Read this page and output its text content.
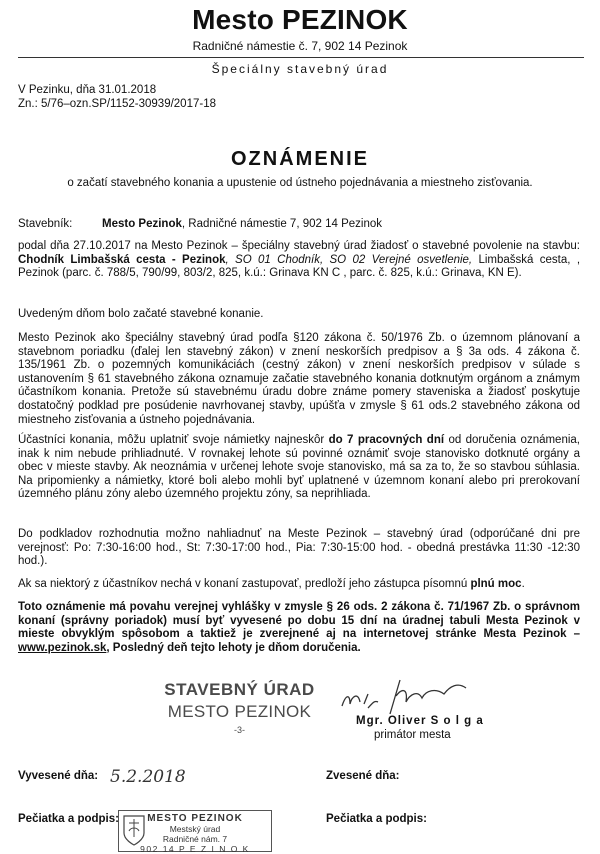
Mesto PEZINOK
Radničné námestie č. 7, 902 14 Pezinok
Špeciálny stavebný úrad
V Pezinku, dňa 31.01.2018
Zn.: 5/76–ozn.SP/1152-30939/2017-18
OZNÁMENIE
o začatí stavebného konania a upustenie od ústneho pojednávania a miestneho zisťovania.
Stavebník:	Mesto Pezinok, Radničné námestie 7, 902 14 Pezinok
podal dňa 27.10.2017 na Mesto Pezinok – špeciálny stavebný úrad žiadosť o stavebné povolenie na stavbu: Chodník Limbašská cesta - Pezinok, SO 01 Chodník, SO 02 Verejné osvetlenie, Limbašská cesta, , Pezinok (parc. č. 788/5, 790/99, 803/2, 825, k.ú.: Grinava KN C , parc. č. 825, k.ú.: Grinava, KN E).
Uvedeným dňom bolo začaté stavebné konanie.
Mesto Pezinok ako špeciálny stavebný úrad podľa §120 zákona č. 50/1976 Zb. o územnom plánovaní a stavebnom poriadku (ďalej len stavebný zákon) v znení neskorších predpisov a § 3a ods. 4 zákona č. 135/1961 Zb. o pozemných komunikáciách (cestný zákon) v znení neskorších predpisov v súlade s ustanovením § 61 stavebného zákona oznamuje začatie stavebného konania dotknutým orgánom a známym účastníkom konania. Pretože sú stavebnému úradu dobre známe pomery staveniska a žiadosť poskytuje dostatočný podklad pre posúdenie navrhovanej stavby, upúšťa v zmysle § 61 ods.2 stavebného zákona od miestneho zisťovania a ústneho pojednávania.
Účastníci konania, môžu uplatniť svoje námietky najneskôr do 7 pracovných dní od doručenia oznámenia, inak k nim nebude prihliadnuté. V rovnakej lehote sú povinné oznámiť svoje stanovisko dotknuté orgány a obec v mieste stavby. Ak neoznámia v určenej lehote svoje stanovisko, má sa za to, že so stavbou súhlasia. Na pripomienky a námietky, ktoré boli alebo mohli byť uplatnené v územnom konaní alebo pri prerokovaní územného plánu zóny alebo územného projektu zóny, sa neprihliada.
Do podkladov rozhodnutia možno nahliadnuť na Meste Pezinok – stavebný úrad (odporúčané dni pre verejnosť: Po: 7:30-16:00 hod., St: 7:30-17:00 hod., Pia: 7:30-15:00 hod. - obedná prestávka 11:30 -12:30 hod.).
Ak sa niektorý z účastníkov nechá v konaní zastupovať, predloží jeho zástupca písomnú plnú moc.
Toto oznámenie má povahu verejnej vyhlášky v zmysle § 26 ods. 2 zákona č. 71/1967 Zb. o správnom konaní (správny poriadok) musí byť vyvesené po dobu 15 dní na úradnej tabuli Mesta Pezinok v mieste obvyklým spôsobom a taktiež je zverejnené aj na internetovej stránke Mesta Pezinok – www.pezinok.sk, Posledný deň tejto lehoty je dňom doručenia.
STAVEBNÝ ÚRAD
MESTO PEZINOK
-3-
Mgr. Oliver S o l g a
primátor mesta
Vyvesené dňa: 5.2.2018	Zvesené dňa:
Pečiatka a podpis:	Pečiatka a podpis:
MESTO PEZINOK
Mestský úrad
Radničné nám. 7
902 14 P E Z I N O K
